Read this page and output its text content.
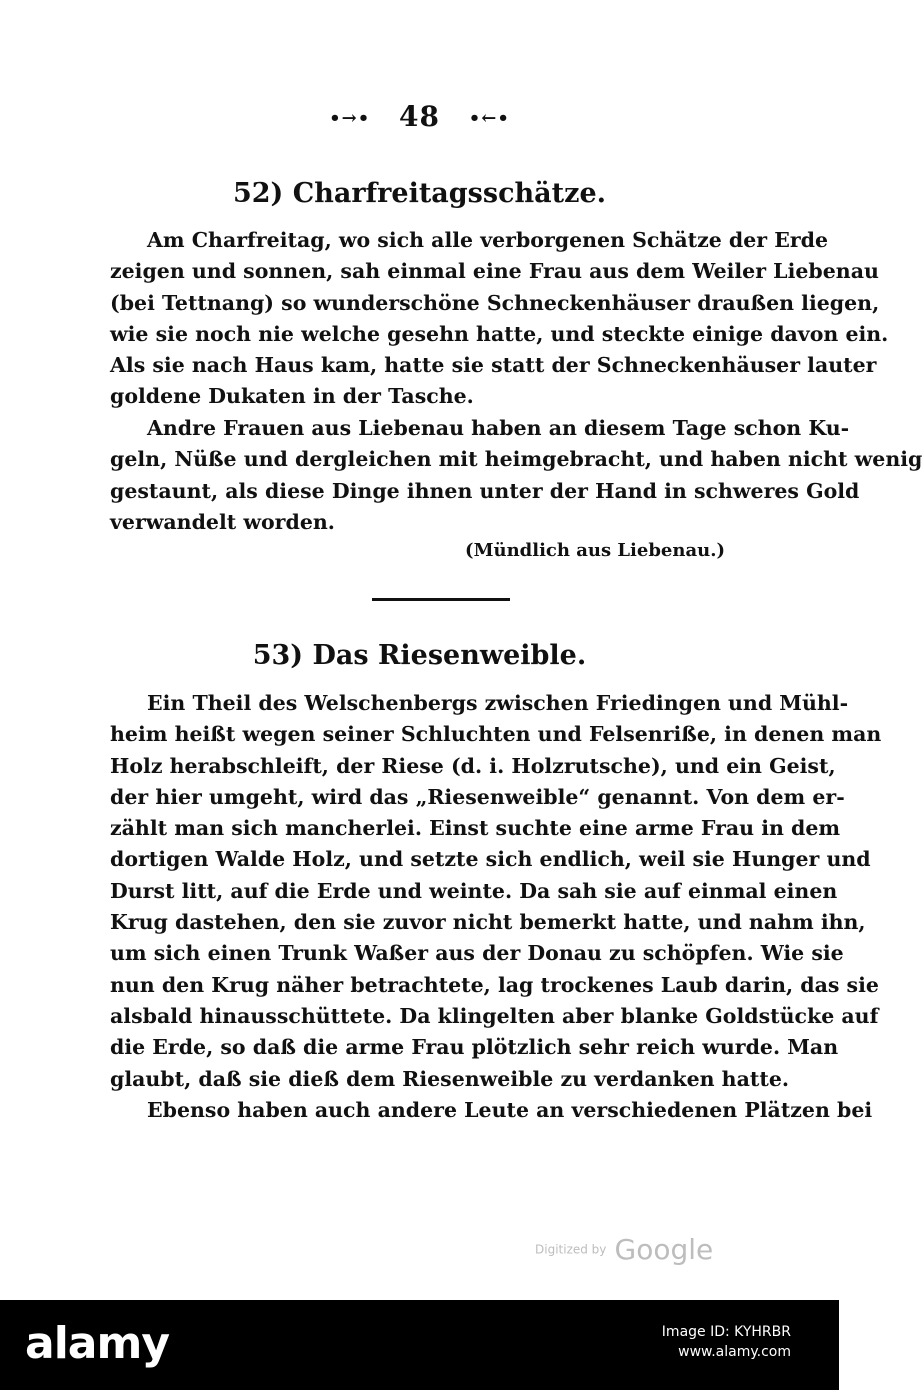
•→• 48 •←•
52) Charfreitagsschätze.
Am Charfreitag, wo sich alle verborgenen Schätze der Erde
zeigen und sonnen, sah einmal eine Frau aus dem Weiler Liebenau
(bei Tettnang) so wunderschöne Schneckenhäuser draußen liegen,
wie sie noch nie welche gesehn hatte, und steckte einige davon ein.
Als sie nach Haus kam, hatte sie statt der Schneckenhäuser lauter
goldene Dukaten in der Tasche.
Andre Frauen aus Liebenau haben an diesem Tage schon Ku-
geln, Nüße und dergleichen mit heimgebracht, und haben nicht wenig
gestaunt, als diese Dinge ihnen unter der Hand in schweres Gold
verwandelt worden.
(Mündlich aus Liebenau.)
53) Das Riesenweible.
Ein Theil des Welschenbergs zwischen Friedingen und Mühl-
heim heißt wegen seiner Schluchten und Felsenriße, in denen man
Holz herabschleift, der Riese (d. i. Holzrutsche), und ein Geist,
der hier umgeht, wird das „Riesenweible“ genannt. Von dem er-
zählt man sich mancherlei. Einst suchte eine arme Frau in dem
dortigen Walde Holz, und setzte sich endlich, weil sie Hunger und
Durst litt, auf die Erde und weinte. Da sah sie auf einmal einen
Krug dastehen, den sie zuvor nicht bemerkt hatte, und nahm ihn,
um sich einen Trunk Waßer aus der Donau zu schöpfen. Wie sie
nun den Krug näher betrachtete, lag trockenes Laub darin, das sie
alsbald hinausschüttete. Da klingelten aber blanke Goldstücke auf
die Erde, so daß die arme Frau plötzlich sehr reich wurde. Man
glaubt, daß sie dieß dem Riesenweible zu verdanken hatte.
Ebenso haben auch andere Leute an verschiedenen Plätzen bei
Digitized by Google
alamy	Image ID: KYHRBR
www.alamy.com
